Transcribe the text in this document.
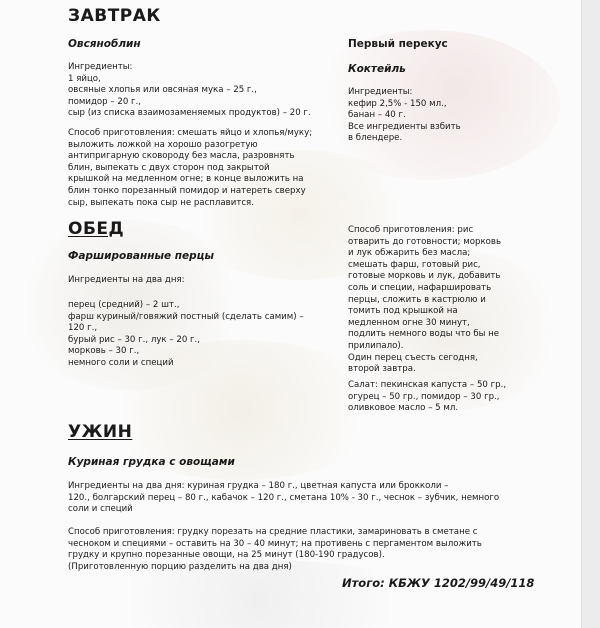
ЗАВТРАК
Овсяноблин
Ингредиенты:
1 яйцо,
овсяные хлопья или овсяная мука – 25 г.,
помидор – 20 г.,
сыр (из списка взаимозаменяемых продуктов) – 20 г.
Способ приготовления: смешать яйцо и хлопья/муку;
выложить ложкой на хорошо разогретую
антипригарную сковороду без масла, разровнять
блин, выпекать с двух сторон под закрытой
крышкой на медленном огне; в конце выложить на
блин тонко порезанный помидор и натереть сверху
сыр, выпекать пока сыр не расплавится.
Первый перекус
Коктейль
Ингредиенты:
кефир 2,5% - 150 мл.,
банан – 40 г.
Все ингредиенты взбить
в блендере.
ОБЕД
Фаршированные перцы
Ингредиенты на два дня:
перец (средний) – 2 шт.,
фарш куриный/говяжий постный (сделать самим) –
120 г.,
бурый рис – 30 г., лук – 20 г.,
морковь – 30 г.,
немного соли и специй
Способ приготовления: рис
отварить до готовности; морковь
и лук обжарить без масла;
смешать фарш, готовый рис,
готовые морковь и лук, добавить
соль и специи, нафаршировать
перцы, сложить в кастрюлю и
томить под крышкой на
медленном огне 30 минут,
подлить немного воды что бы не
прилипало).
Один перец съесть сегодня,
второй завтра.
Салат: пекинская капуста – 50 гр.,
огурец – 50 гр., помидор – 30 гр.,
оливковое масло – 5 мл.
УЖИН
Куриная грудка с овощами
Ингредиенты на два дня: куриная грудка – 180 г., цветная капуста или брокколи –
120., болгарский перец – 80 г., кабачок – 120 г., сметана 10% - 30 г., чеснок – зубчик, немного
соли и специй
Способ приготовления: грудку порезать на средние пластики, замариновать в сметане с
чесноком и специями – оставить на 30 – 40 минут; на противень с пергаментом выложить
грудку и крупно порезанные овощи, на 25 минут (180-190 градусов).
(Приготовленную порцию разделить на два дня)
Итого: КБЖУ 1202/99/49/118
